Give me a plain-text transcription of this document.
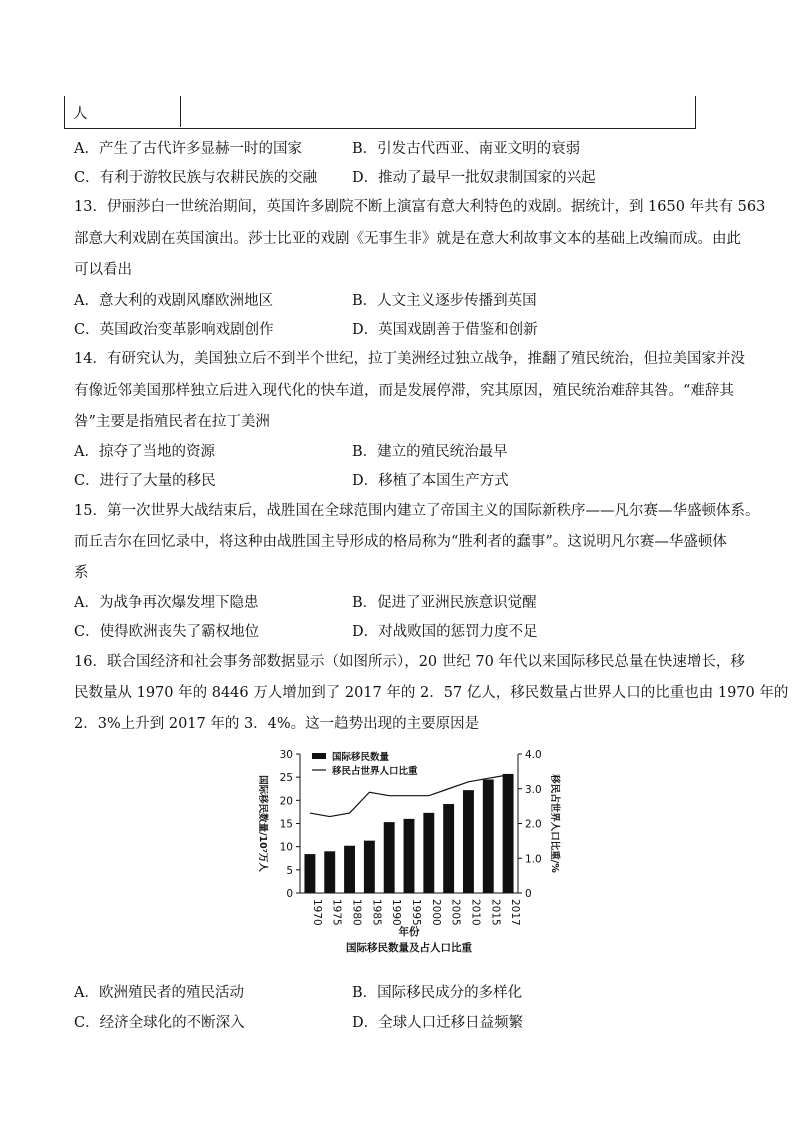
人
A．产生了古代许多显赫一时的国家	B．引发古代西亚、南亚文明的衰弱
C．有利于游牧民族与农耕民族的交融 D．推动了最早一批奴隶制国家的兴起
13．伊丽莎白一世统治期间，英国许多剧院不断上演富有意大利特色的戏剧。据统计，到 1650 年共有 563
部意大利戏剧在英国演出。莎士比亚的戏剧《无事生非》就是在意大利故事文本的基础上改编而成。由此
可以看出
A．意大利的戏剧风靡欧洲地区	B．人文主义逐步传播到英国
C．英国政治变革影响戏剧创作	D．英国戏剧善于借鉴和创新
14．有研究认为，美国独立后不到半个世纪，拉丁美洲经过独立战争，推翻了殖民统治，但拉美国家并没
有像近邻美国那样独立后进入现代化的快车道，而是发展停滞，究其原因，殖民统治难辞其咎。“难辞其
咎”主要是指殖民者在拉丁美洲
A．掠夺了当地的资源	B．建立的殖民统治最早
C．进行了大量的移民	D．移植了本国生产方式
15．第一次世界大战结束后，战胜国在全球范围内建立了帝国主义的国际新秩序——凡尔赛—华盛顿体系。
而丘吉尔在回忆录中，将这种由战胜国主导形成的格局称为“胜利者的蠢事”。这说明凡尔赛—华盛顿体
系
A．为战争再次爆发埋下隐患	B．促进了亚洲民族意识觉醒
C．使得欧洲丧失了霸权地位	D．对战败国的惩罚力度不足
16．联合国经济和社会事务部数据显示（如图所示），20 世纪 70 年代以来国际移民总量在快速增长，移
民数量从 1970 年的 8446 万人增加到了 2017 年的 2．57 亿人，移民数量占世界人口的比重也由 1970 年的
2．3%上升到 2017 年的 3．4%。这一趋势出现的主要原因是
0
5
10
15
20
25
30
0
1.0
2.0
3.0
4.0
1970 1975 1980 1985 1990 1995 2000 2005 2010 2015 2017
年份
国际移民数量及占人口比重
国际移民数量/10⁷万人	移民占世界人口比重/%
国际移民数量
移民占世界人口比重
A．欧洲殖民者的殖民活动	B．国际移民成分的多样化
C．经济全球化的不断深入	D．全球人口迁移日益频繁
